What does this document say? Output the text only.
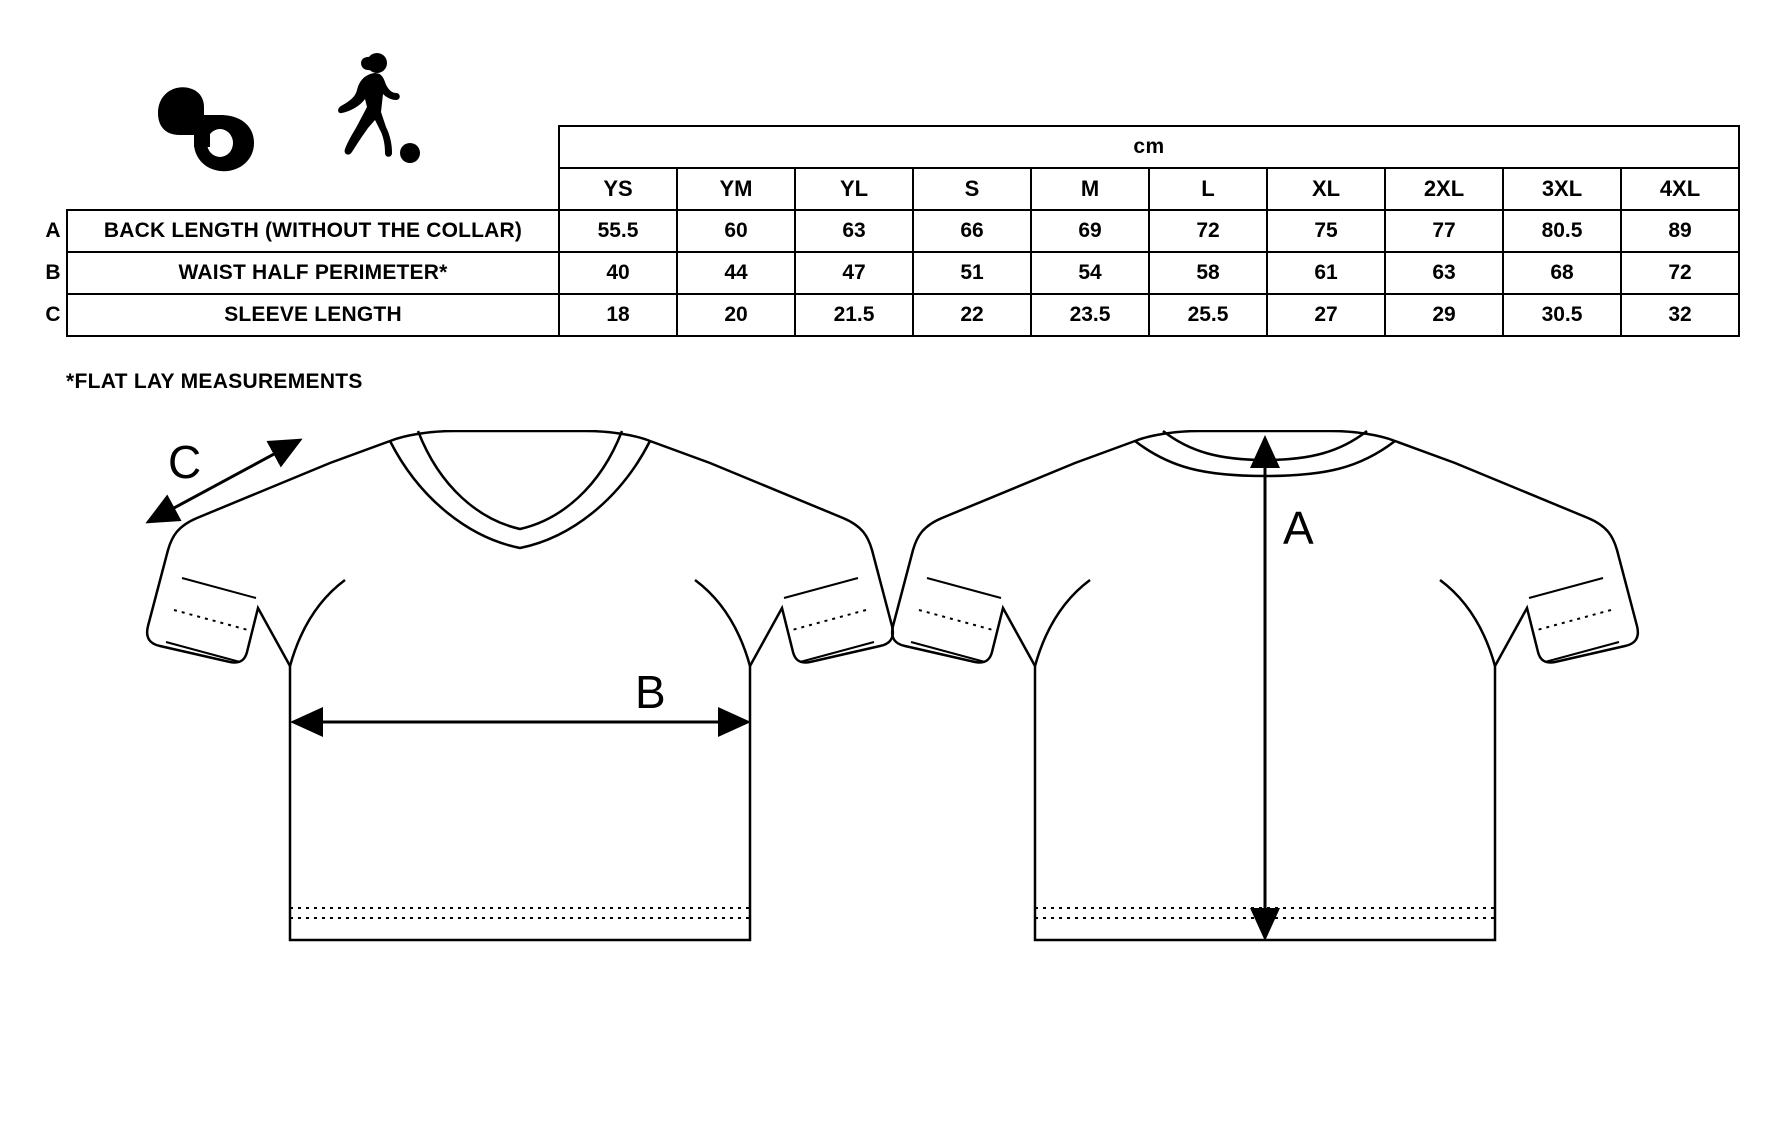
		cm									
		YS	YM	YL	S	M	L	XL	2XL	3XL	4XL
A	BACK LENGTH (WITHOUT THE COLLAR)	55.5	60	63	66	69	72	75	77	80.5	89
B	WAIST HALF PERIMETER*	40	44	47	51	54	58	61	63	68	72
C	SLEEVE LENGTH	18	20	21.5	22	23.5	25.5	27	29	30.5	32
*FLAT LAY MEASUREMENTS
C
B
A
